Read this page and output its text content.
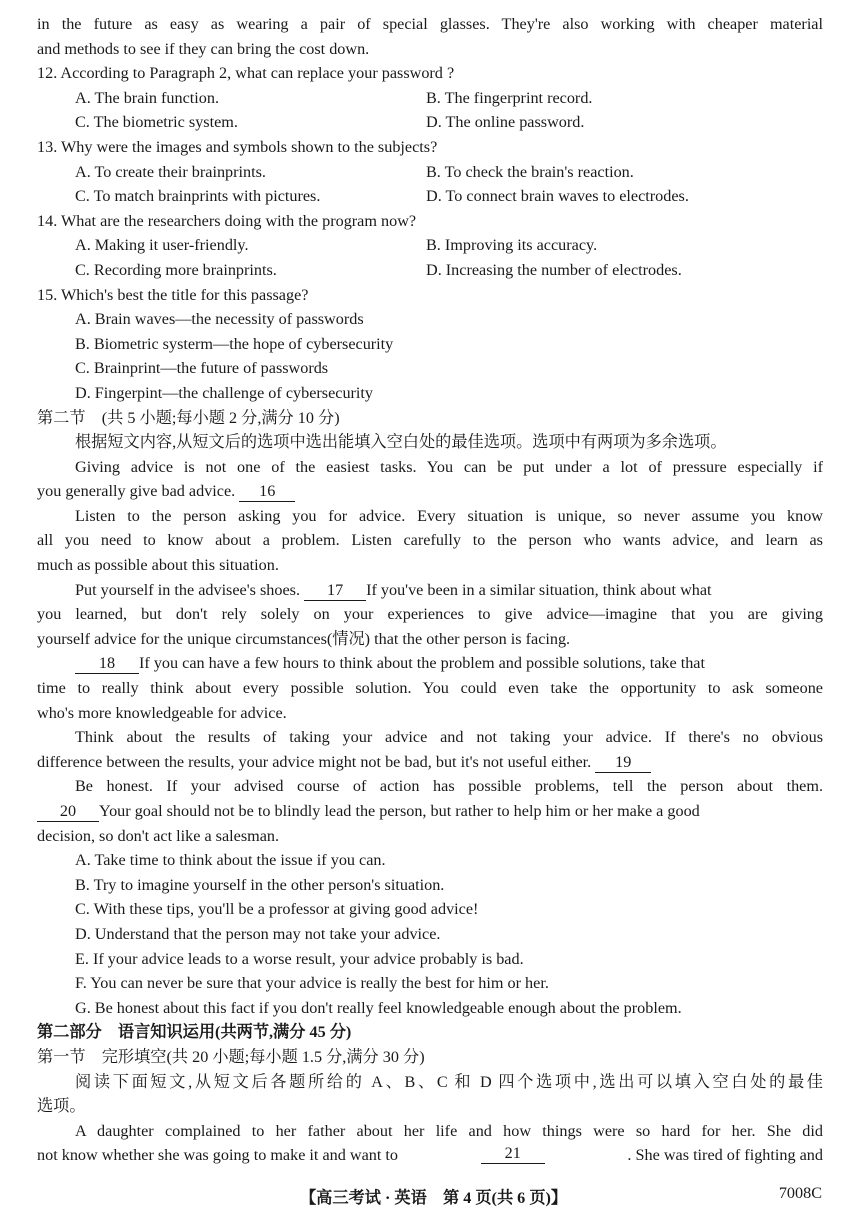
in the future as easy as wearing a pair of special glasses. They're also working with cheaper material
and methods to see if they can bring the cost down.
12. According to Paragraph 2, what can replace your password ?
A. The brain function.	B. The fingerprint record.
C. The biometric system.	D. The online password.
13. Why were the images and symbols shown to the subjects?
A. To create their brainprints.	B. To check the brain's reaction.
C. To match brainprints with pictures.	D. To connect brain waves to electrodes.
14. What are the researchers doing with the program now?
A. Making it user-friendly.	B. Improving its accuracy.
C. Recording more brainprints.	D. Increasing the number of electrodes.
15. Which's best the title for this passage?
A. Brain waves—the necessity of passwords
B. Biometric systerm—the hope of cybersecurity
C. Brainprint—the future of passwords
D. Fingerpint—the challenge of cybersecurity
第二节　(共 5 小题;每小题 2 分,满分 10 分)
根据短文内容,从短文后的选项中选出能填入空白处的最佳选项。选项中有两项为多余选项。
Giving advice is not one of the easiest tasks. You can be put under a lot of pressure especially if
you generally give bad advice. 16
Listen to the person asking you for advice. Every situation is unique, so never assume you know
all you need to know about a problem. Listen carefully to the person who wants advice, and learn as
much as possible about this situation.
Put yourself in the advisee's shoes. 17 If you've been in a similar situation, think about what
you learned, but don't rely solely on your experiences to give advice—imagine that you are giving
yourself advice for the unique circumstances(情况) that the other person is facing.
18 If you can have a few hours to think about the problem and possible solutions, take that
time to really think about every possible solution. You could even take the opportunity to ask someone
who's more knowledgeable for advice.
Think about the results of taking your advice and not taking your advice. If there's no obvious
difference between the results, your advice might not be bad, but it's not useful either. 19
Be honest. If your advised course of action has possible problems, tell the person about them.
20 Your goal should not be to blindly lead the person, but rather to help him or her make a good
decision, so don't act like a salesman.
A. Take time to think about the issue if you can.
B. Try to imagine yourself in the other person's situation.
C. With these tips, you'll be a professor at giving good advice!
D. Understand that the person may not take your advice.
E. If your advice leads to a worse result, your advice probably is bad.
F. You can never be sure that your advice is really the best for him or her.
G. Be honest about this fact if you don't really feel knowledgeable enough about the problem.
第二部分　语言知识运用(共两节,满分 45 分)
第一节　完形填空(共 20 小题;每小题 1.5 分,满分 30 分)
阅读下面短文,从短文后各题所给的 A、B、C 和 D 四个选项中,选出可以填入空白处的最佳
选项。
A daughter complained to her father about her life and how things were so hard for her. She did
not know whether she was going to make it and want to	21	. She was tired of fighting and
【高三考试 · 英语　第 4 页(共 6 页)】	7008C
